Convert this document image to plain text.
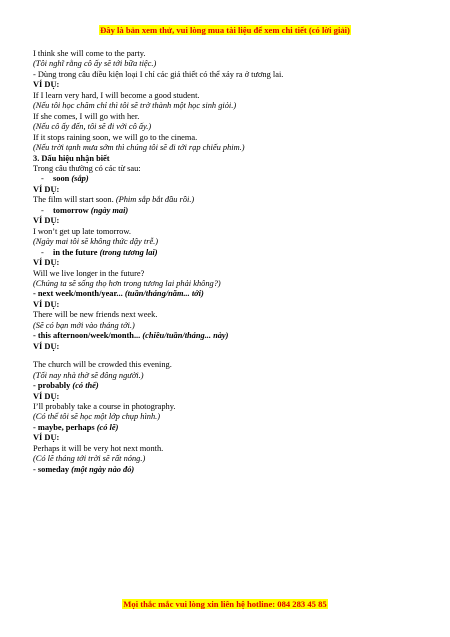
Đây là bản xem thử, vui lòng mua tài liệu để xem chi tiết (có lời giải)
I think she will come to the party.
(Tôi nghĩ rằng cô ấy sẽ tới bữa tiệc.)
- Dùng trong câu điều kiện loại I chỉ các giả thiết có thể xảy ra ở tương lai.
VÍ DỤ:
If I learn very hard, I will become a good student.
(Nếu tôi học chăm chỉ thì tôi sẽ trở thành một học sinh giỏi.)
If she comes, I will go with her.
(Nếu cô ấy đến, tôi sẽ đi với cô ấy.)
If it stops raining soon, we will go to the cinema.
(Nếu trời tạnh mưa sớm thì chúng tôi sẽ đi tới rạp chiếu phim.)
3. Dấu hiệu nhận biết
Trong câu thường có các từ sau:
- soon (sắp)
VÍ DỤ:
The film will start soon. (Phim sắp bắt đầu rồi.)
- tomorrow (ngày mai)
VÍ DỤ:
I won’t get up late tomorrow.
(Ngày mai tôi sẽ không thức dậy trễ.)
- in the future (trong tương lai)
VÍ DỤ:
Will we live longer in the future?
(Chúng ta sẽ sống thọ hơn trong tương lai phải không?)
- next week/month/year... (tuần/tháng/năm... tới)
VÍ DỤ:
There will be new friends next week.
(Sẽ có bạn mới vào tháng tới.)
- this afternoon/week/month... (chiều/tuần/tháng... này)
VÍ DỤ:
The church will be crowded this evening.
(Tối nay nhà thờ sẽ đông người.)
- probably (có thể)
VÍ DỤ:
I’ll probably take a course in photography.
(Có thể tôi sẽ học một lớp chụp hình.)
- maybe, perhaps (có lẽ)
VÍ DỤ:
Perhaps it will be very hot next month.
(Có lẽ tháng tới trời sẽ rất nóng.)
- someday (một ngày nào đó)
Mọi thắc mắc vui lòng xin liên hệ hotline: 084 283 45 85
